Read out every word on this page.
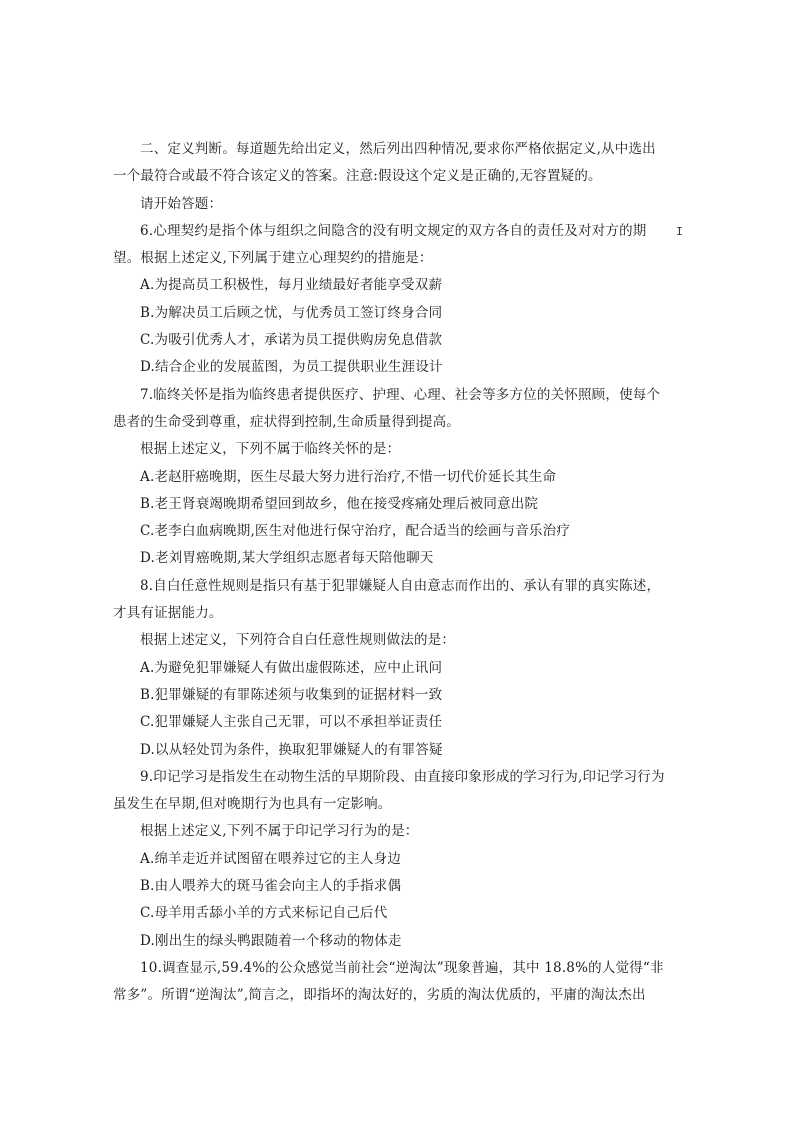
二、定义判断。每道题先给出定义，然后列出四种情况,要求你严格依据定义,从中选出
一个最符合或最不符合该定义的答案。注意:假设这个定义是正确的,无容置疑的。
请开始答题：
6.心理契约是指个体与组织之间隐含的没有明文规定的双方各自的责任及对对方的期	I
望。根据上述定义,下列属于建立心理契约的措施是：
A.为提高员工积极性，每月业绩最好者能享受双薪
B.为解决员工后顾之忧，与优秀员工签订终身合同
C.为吸引优秀人才，承诺为员工提供购房免息借款
D.结合企业的发展蓝图，为员工提供职业生涯设计
7.临终关怀是指为临终患者提供医疗、护理、心理、社会等多方位的关怀照顾，使每个
患者的生命受到尊重，症状得到控制,生命质量得到提高。
根据上述定义，下列不属于临终关怀的是：
A.老赵肝癌晚期，医生尽最大努力进行治疗,不惜一切代价延长其生命
B.老王肾衰竭晚期希望回到故乡，他在接受疼痛处理后被同意出院
C.老李白血病晚期,医生对他进行保守治疗，配合适当的绘画与音乐治疗
D.老刘胃癌晚期,某大学组织志愿者每天陪他聊天
8.自白任意性规则是指只有基于犯罪嫌疑人自由意志而作出的、承认有罪的真实陈述，
才具有证据能力。
根据上述定义，下列符合自白任意性规则做法的是：
A.为避免犯罪嫌疑人有做出虚假陈述，应中止讯问
B.犯罪嫌疑的有罪陈述须与收集到的证据材料一致
C.犯罪嫌疑人主张自己无罪，可以不承担举证责任
D.以从轻处罚为条件，换取犯罪嫌疑人的有罪答疑
9.印记学习是指发生在动物生活的早期阶段、由直接印象形成的学习行为,印记学习行为
虽发生在早期,但对晚期行为也具有一定影响。
根据上述定义,下列不属于印记学习行为的是：
A.绵羊走近并试图留在喂养过它的主人身边
B.由人喂养大的斑马雀会向主人的手指求偶
C.母羊用舌舔小羊的方式来标记自己后代
D.刚出生的绿头鸭跟随着一个移动的物体走
10.调查显示,59.4%的公众感觉当前社会“逆淘汰”现象普遍，其中 18.8%的人觉得“非
常多”。所谓“逆淘汰”,简言之，即指坏的淘汰好的，劣质的淘汰优质的，平庸的淘汰杰出
